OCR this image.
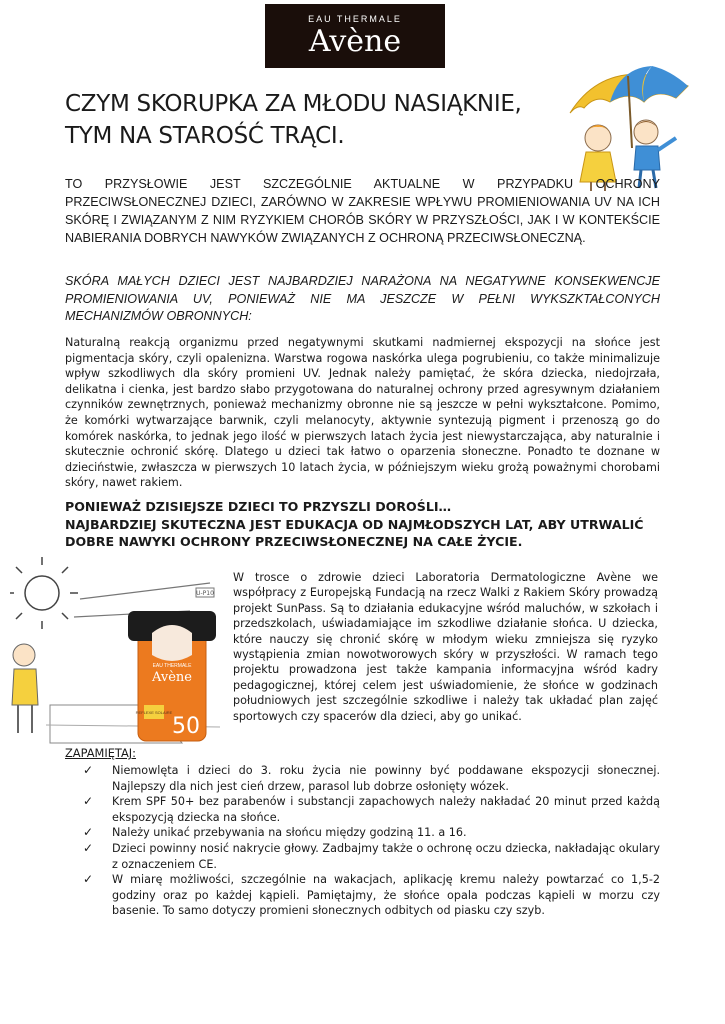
EAU THERMALE
Avène
CZYM SKORUPKA ZA MŁODU NASIĄKNIE,
TYM NA STAROŚĆ TRĄCI.

TO PRZYSŁOWIE JEST SZCZEGÓLNIE AKTUALNE W PRZYPADKU OCHRONY PRZECIWSŁONECZNEJ DZIECI, ZARÓWNO W ZAKRESIE WPŁYWU PROMIENIOWANIA UV NA ICH SKÓRĘ I ZWIĄZANYM Z NIM RYZYKIEM CHORÓB SKÓRY W PRZYSZŁOŚCI, JAK I W KONTEKŚCIE NABIERANIA DOBRYCH NAWYKÓW ZWIĄZANYCH Z OCHRONĄ PRZECIWSŁONECZNĄ.

SKÓRA MAŁYCH DZIECI JEST NAJBARDZIEJ NARAŻONA NA NEGATYWNE KONSEKWENCJE PROMIENIOWANIA UV, PONIEWAŻ NIE MA JESZCZE W PEŁNI WYKSZKTAŁCONYCH MECHANIZMÓW OBRONNYCH:

Naturalną reakcją organizmu przed negatywnymi skutkami nadmiernej ekspozycji na słońce jest pigmentacja skóry, czyli opalenizna. Warstwa rogowa naskórka ulega pogrubieniu, co także minimalizuje wpływ szkodliwych dla skóry promieni UV. Jednak należy pamiętać, że skóra dziecka, niedojrzała, delikatna i cienka, jest bardzo słabo przygotowana do naturalnej ochrony przed agresywnym działaniem czynników zewnętrznych, ponieważ mechanizmy obronne nie są jeszcze w pełni wykształcone. Pomimo, że komórki wytwarzające barwnik, czyli melanocyty, aktywnie syntezują pigment i przenoszą go do komórek naskórka, to jednak jego ilość w pierwszych latach życia jest niewystarczająca, aby naturalnie i skutecznie ochronić skórę. Dlatego u dzieci tak łatwo o oparzenia słoneczne. Ponadto te doznane w dzieciństwie, zwłaszcza w pierwszych 10 latach życia, w późniejszym wieku grożą poważnymi chorobami skóry, nawet rakiem.

PONIEWAŻ DZISIEJSZE DZIECI TO PRZYSZLI DOROŚLI…
NAJBARDZIEJ SKUTECZNA JEST EDUKACJA OD NAJMŁODSZYCH LAT, ABY UTRWALIĆ
DOBRE NAWYKI OCHRONY PRZECIWSŁONECZNEJ NA CAŁE ŻYCIE.
U-P10
EAU THERMALE
Avène
REFLEXE SOLAIRE
50

W trosce o zdrowie dzieci Laboratoria Dermatologiczne Avène we współpracy z Europejską Fundacją na rzecz Walki z Rakiem Skóry prowadzą projekt SunPass. Są to działania edukacyjne wśród maluchów, w szkołach i przedszkolach, uświadamiające im szkodliwe działanie słońca. U dziecka, które nauczy się chronić skórę w młodym wieku zmniejsza się ryzyko wystąpienia zmian nowotworowych skóry w przyszłości. W ramach tego projektu prowadzona jest także kampania informacyjna wśród kadry pedagogicznej, której celem jest uświadomienie, że słońce w godzinach południowych jest szczególnie szkodliwe i należy tak układać plan zajęć sportowych czy spacerów dla dzieci, aby go unikać.

ZAPAMIĘTAJ:

✓ Niemowlęta i dzieci do 3. roku życia nie powinny być poddawane ekspozycji słonecznej. Najlepszy dla nich jest cień drzew, parasol lub dobrze osłonięty wózek.
✓ Krem SPF 50+ bez parabenów i substancji zapachowych należy nakładać 20 minut przed każdą ekspozycją dziecka na słońce.
✓ Należy unikać przebywania na słońcu między godziną 11. a 16.
✓ Dzieci powinny nosić nakrycie głowy. Zadbajmy także o ochronę oczu dziecka, nakładając okulary z oznaczeniem CE.
✓ W miarę możliwości, szczególnie na wakacjach, aplikację kremu należy powtarzać co 1,5-2 godziny oraz po każdej kąpieli. Pamiętajmy, że słońce opala podczas kąpieli w morzu czy basenie. To samo dotyczy promieni słonecznych odbitych od piasku czy szyb.
